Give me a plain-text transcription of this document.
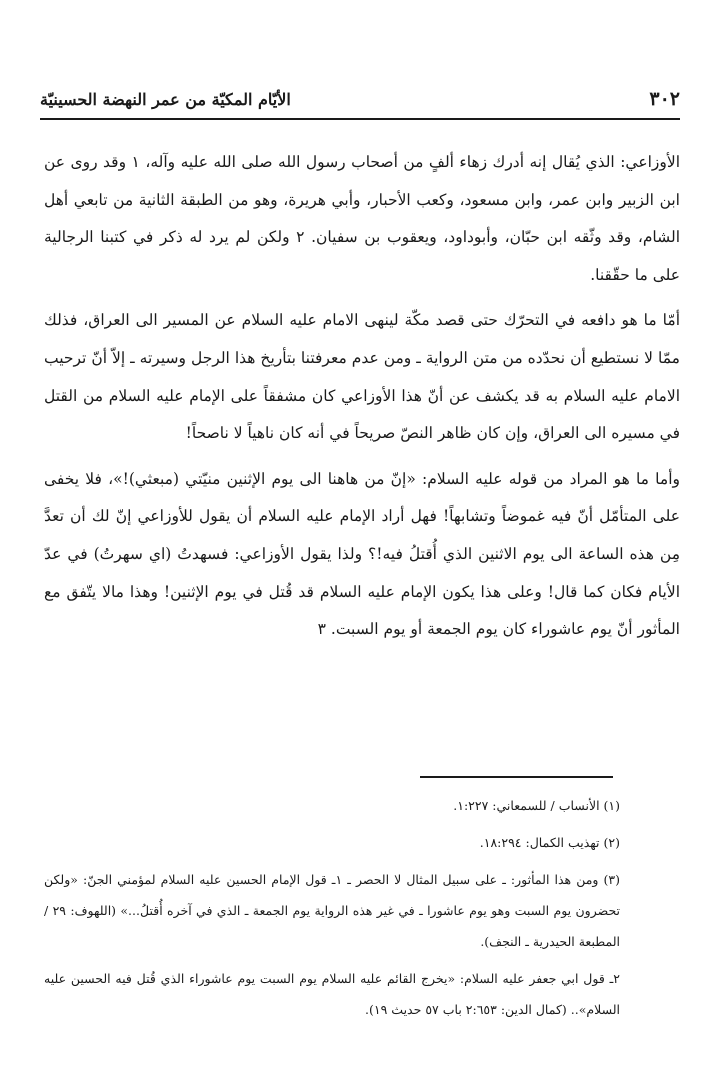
٣٠٢
الأيّام المكيّة من عمر النهضة الحسينيّة

الأوزاعي: الذي يُقال إنه أدرك زهاء ألفٍ من أصحاب رسول الله صلى الله عليه وآله، ١ وقد روى عن ابن الزبير وابن عمر، وابن مسعود، وكعب الأحبار، وأبي هريرة، وهو من الطبقة الثانية من تابعي أهل الشام، وقد وثّقه ابن حبّان، وأبوداود، ويعقوب بن سفيان. ٢ ولكن لم يرد له ذكر في كتبنا الرجالية على ما حقّقنا.

أمّا ما هو دافعه في التحرّك حتى قصد مكّة لينهى الامام عليه السلام عن المسير الى العراق، فذلك ممّا لا نستطيع أن نحدّده من متن الرواية ـ ومن عدم معرفتنا بتأريخ هذا الرجل وسيرته ـ إلاّ أنّ ترحيب الامام عليه السلام به قد يكشف عن أنّ هذا الأوزاعي كان مشفقاً على الإمام عليه السلام من القتل في مسيره الى العراق، وإن كان ظاهر النصّ صريحاً في أنه كان ناهياً لا ناصحاً!

وأما ما هو المراد من قوله عليه السلام: «إنّ من هاهنا الى يوم الإثنين منيّتي (مبعثي)!»، فلا يخفى على المتأمّل أنّ فيه غموضاً وتشابهاً! فهل أراد الإمام عليه السلام أن يقول للأوزاعي إنّ لك أن تعدَّ مِن هذه الساعة الى يوم الاثنين الذي أُقتلُ فيه!؟ ولذا يقول الأوزاعي: فسهدتُ (اي سهرتُ) في عدّ الأيام فكان كما قال! وعلى هذا يكون الإمام عليه السلام قد قُتل في يوم الإثنين! وهذا مالا يتّفق مع المأثور أنّ يوم عاشوراء كان يوم الجمعة أو يوم السبت. ٣

(١) الأنساب / للسمعاني: ١:٢٢٧.

(٢) تهذيب الكمال: ١٨:٢٩٤.

(٣) ومن هذا المأثور: ـ على سبيل المثال لا الحصر ـ ١ـ قول الإمام الحسين عليه السلام لمؤمني الجنّ: «ولكن تحضرون يوم السبت وهو يوم عاشورا ـ في غير هذه الرواية يوم الجمعة ـ الذي في آخره أُقتلُ...» (اللهوف: ٢٩ /المطبعة الحيدرية ـ النجف).

٢ـ قول ابي جعفر عليه السلام: «يخرج القائم عليه السلام يوم السبت يوم عاشوراء الذي قُتل فيه الحسين عليه السلام».. (كمال الدين: ٢:٦٥٣ باب ٥٧ حديث ١٩).
